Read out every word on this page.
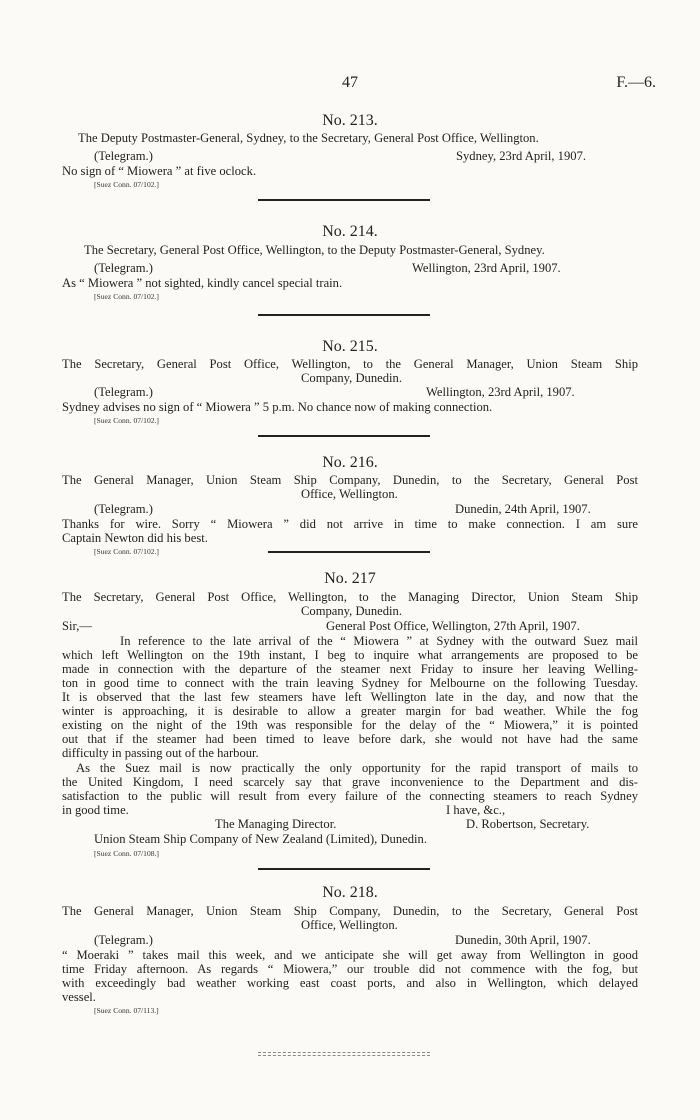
47	F.—6.
No. 213.
The Deputy Postmaster-General, Sydney, to the Secretary, General Post Office, Wellington.
(Telegram.)	Sydney, 23rd April, 1907.
No sign of “ Miowera ” at five oclock.
[Suez Conn. 07/102.]
No. 214.
The Secretary, General Post Office, Wellington, to the Deputy Postmaster-General, Sydney.
(Telegram.)	Wellington, 23rd April, 1907.
As “ Miowera ” not sighted, kindly cancel special train.
[Suez Conn. 07/102.]
No. 215.
The Secretary, General Post Office, Wellington, to the General Manager, Union Steam Ship
Company, Dunedin.
(Telegram.)	Wellington, 23rd April, 1907.
Sydney advises no sign of “ Miowera ” 5 p.m. No chance now of making connection.
[Suez Conn. 07/102.]
No. 216.
The General Manager, Union Steam Ship Company, Dunedin, to the Secretary, General Post
Office, Wellington.
(Telegram.)	Dunedin, 24th April, 1907.
Thanks for wire. Sorry “ Miowera ” did not arrive in time to make connection. I am sure
Captain Newton did his best.
[Suez Conn. 07/102.]
No. 217
The Secretary, General Post Office, Wellington, to the Managing Director, Union Steam Ship
Company, Dunedin.
Sir,—	General Post Office, Wellington, 27th April, 1907.
In reference to the late arrival of the “ Miowera ” at Sydney with the outward Suez mail
which left Wellington on the 19th instant, I beg to inquire what arrangements are proposed to be
made in connection with the departure of the steamer next Friday to insure her leaving Welling-
ton in good time to connect with the train leaving Sydney for Melbourne on the following Tuesday.
It is observed that the last few steamers have left Wellington late in the day, and now that the
winter is approaching, it is desirable to allow a greater margin for bad weather. While the fog
existing on the night of the 19th was responsible for the delay of the “ Miowera,” it is pointed
out that if the steamer had been timed to leave before dark, she would not have had the same
difficulty in passing out of the harbour.
As the Suez mail is now practically the only opportunity for the rapid transport of mails to
the United Kingdom, I need scarcely say that grave inconvenience to the Department and dis-
satisfaction to the public will result from every failure of the connecting steamers to reach Sydney
in good time.	I have, &c.,
The Managing Director.	D. Robertson, Secretary.
Union Steam Ship Company of New Zealand (Limited), Dunedin.
[Suez Conn. 07/108.]
No. 218.
The General Manager, Union Steam Ship Company, Dunedin, to the Secretary, General Post
Office, Wellington.
(Telegram.)	Dunedin, 30th April, 1907.
“ Moeraki ” takes mail this week, and we anticipate she will get away from Wellington in good
time Friday afternoon. As regards “ Miowera,” our trouble did not commence with the fog, but
with exceedingly bad weather working east coast ports, and also in Wellington, which delayed
vessel.
[Suez Conn. 07/113.]
